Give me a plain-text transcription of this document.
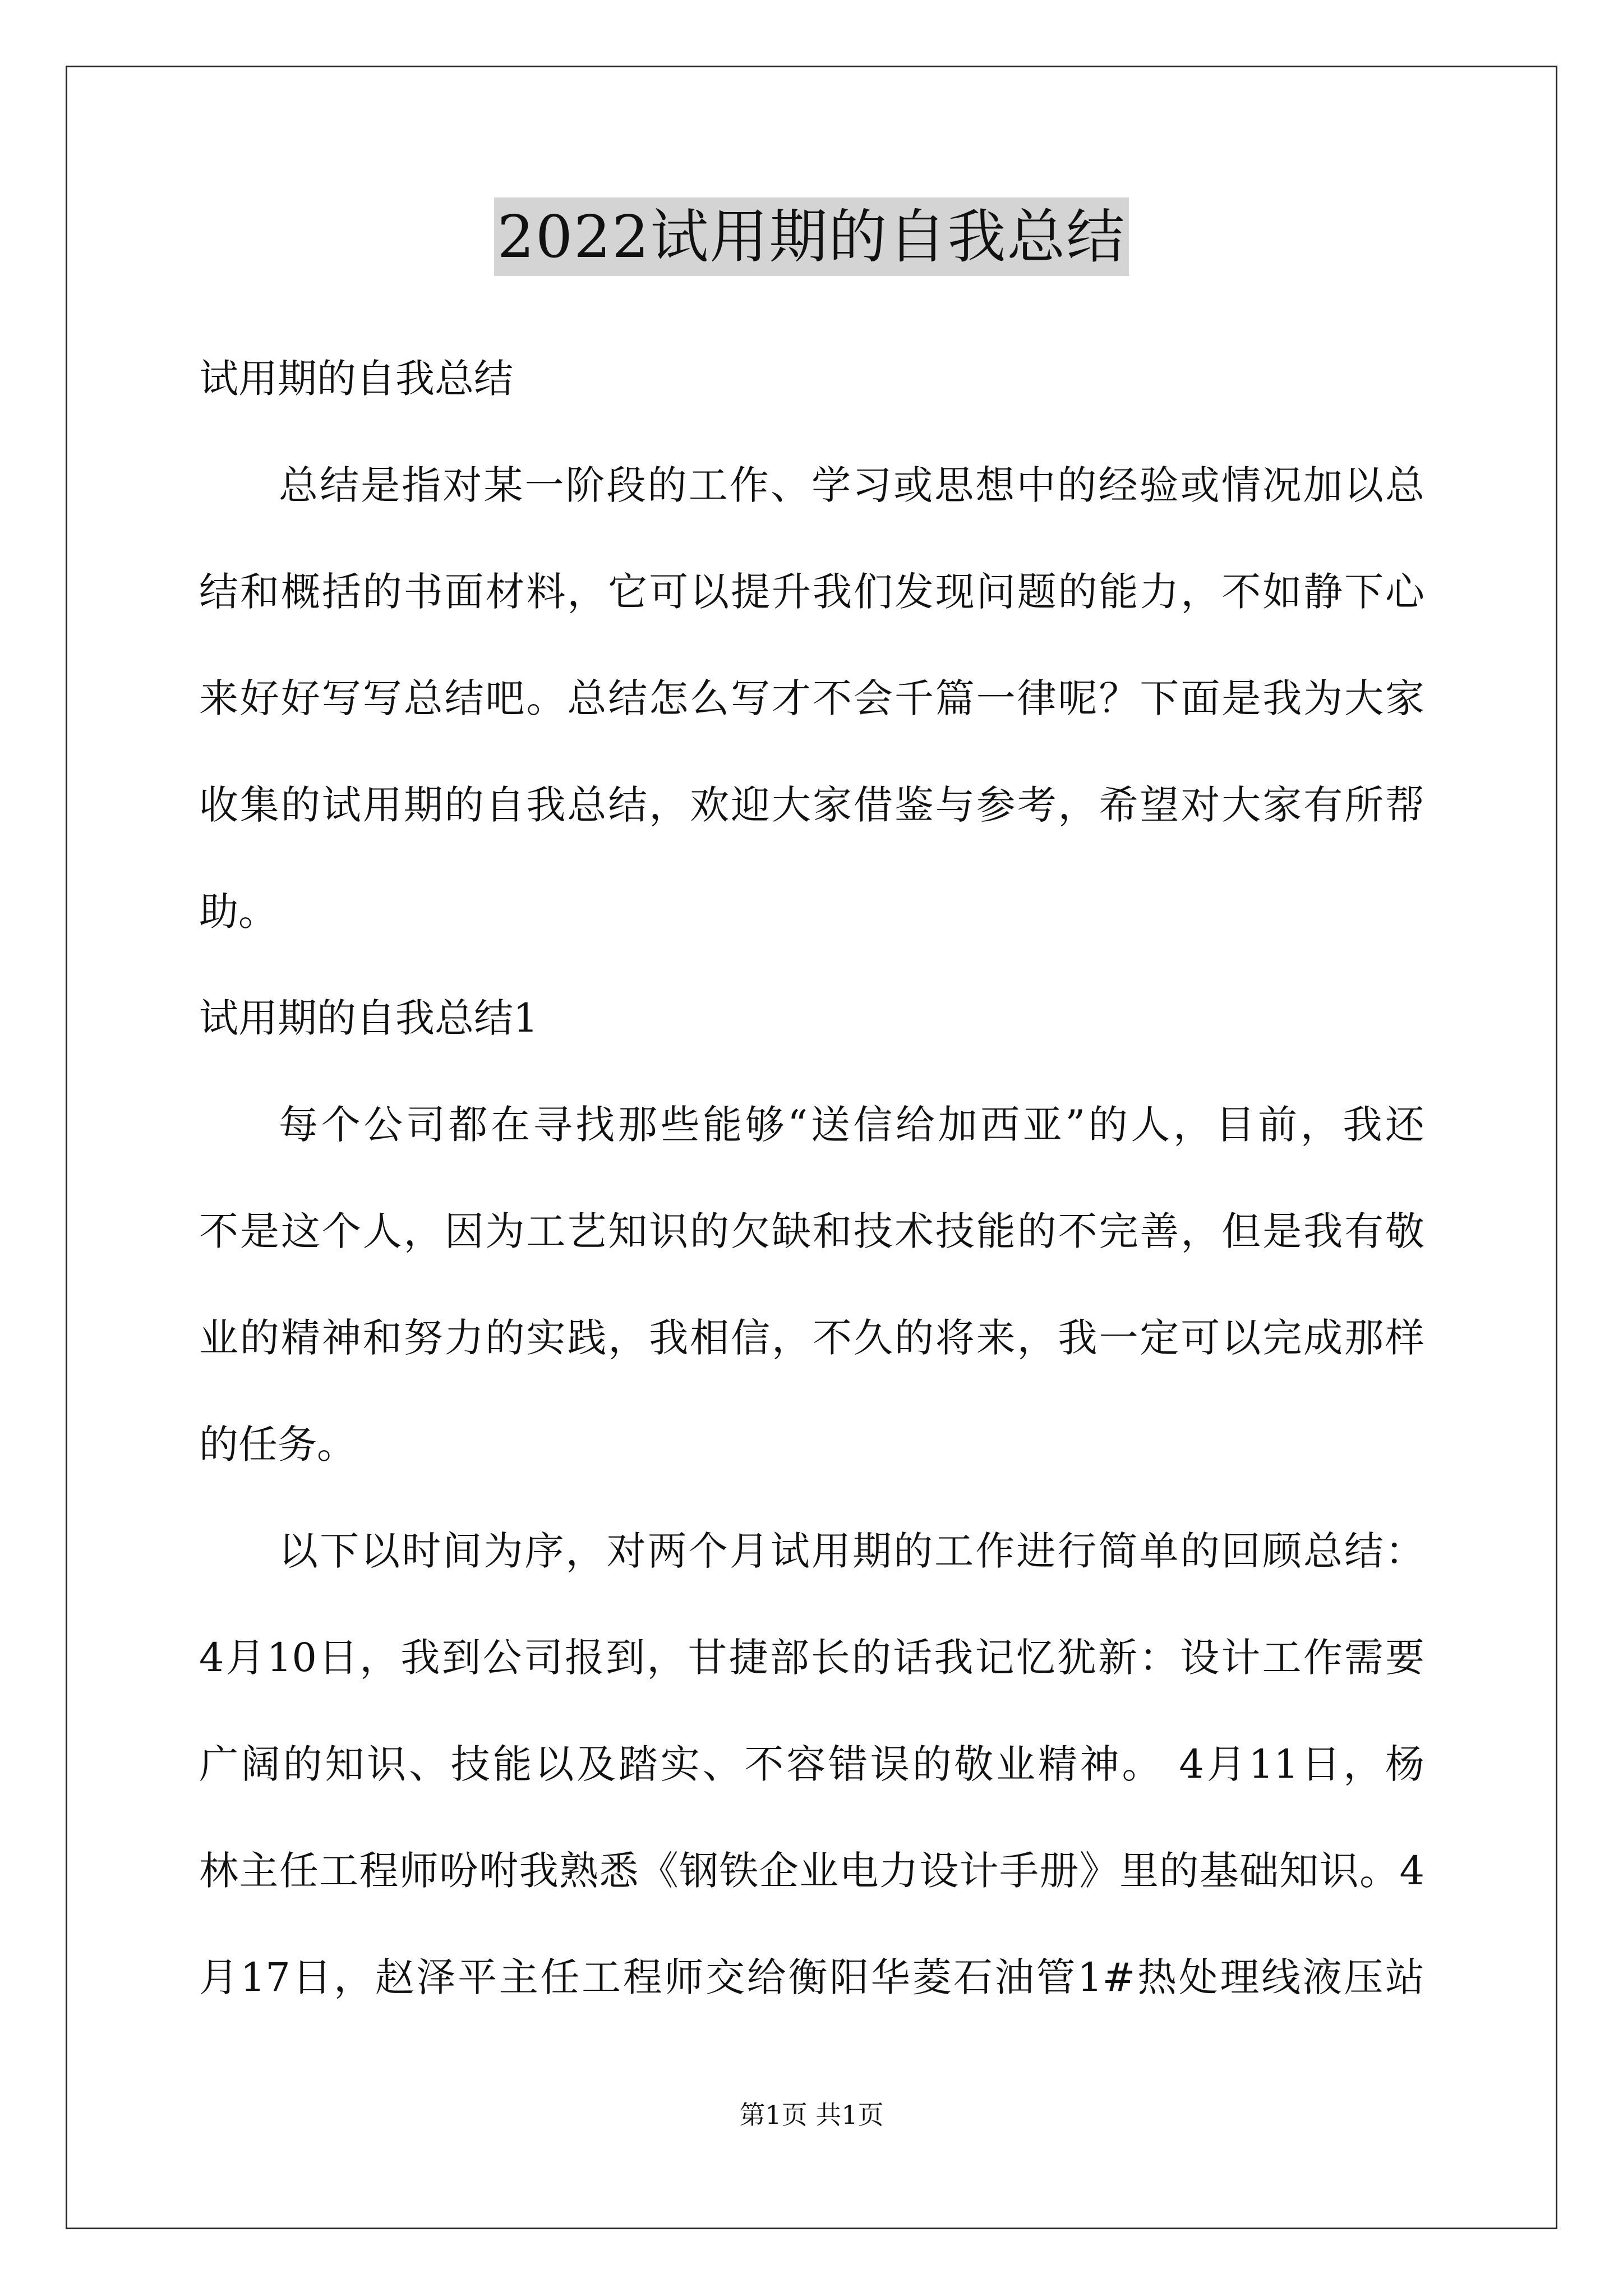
2022试用期的自我总结
试用期的自我总结
总结是指对某一阶段的工作、学习或思想中的经验或情况加以总
结和概括的书面材料，它可以提升我们发现问题的能力，不如静下心
来好好写写总结吧。总结怎么写才不会千篇一律呢？下面是我为大家
收集的试用期的自我总结，欢迎大家借鉴与参考，希望对大家有所帮
助。
试用期的自我总结1
每个公司都在寻找那些能够“送信给加西亚”的人，目前，我还
不是这个人，因为工艺知识的欠缺和技术技能的不完善，但是我有敬
业的精神和努力的实践，我相信，不久的将来，我一定可以完成那样
的任务。
以下以时间为序，对两个月试用期的工作进行简单的回顾总结：
4月10日，我到公司报到，甘捷部长的话我记忆犹新：设计工作需要
广阔的知识、技能以及踏实、不容错误的敬业精神。 4月11日，杨
林主任工程师吩咐我熟悉《钢铁企业电力设计手册》里的基础知识。4
月17日，赵泽平主任工程师交给衡阳华菱石油管1#热处理线液压站
第1页 共1页
